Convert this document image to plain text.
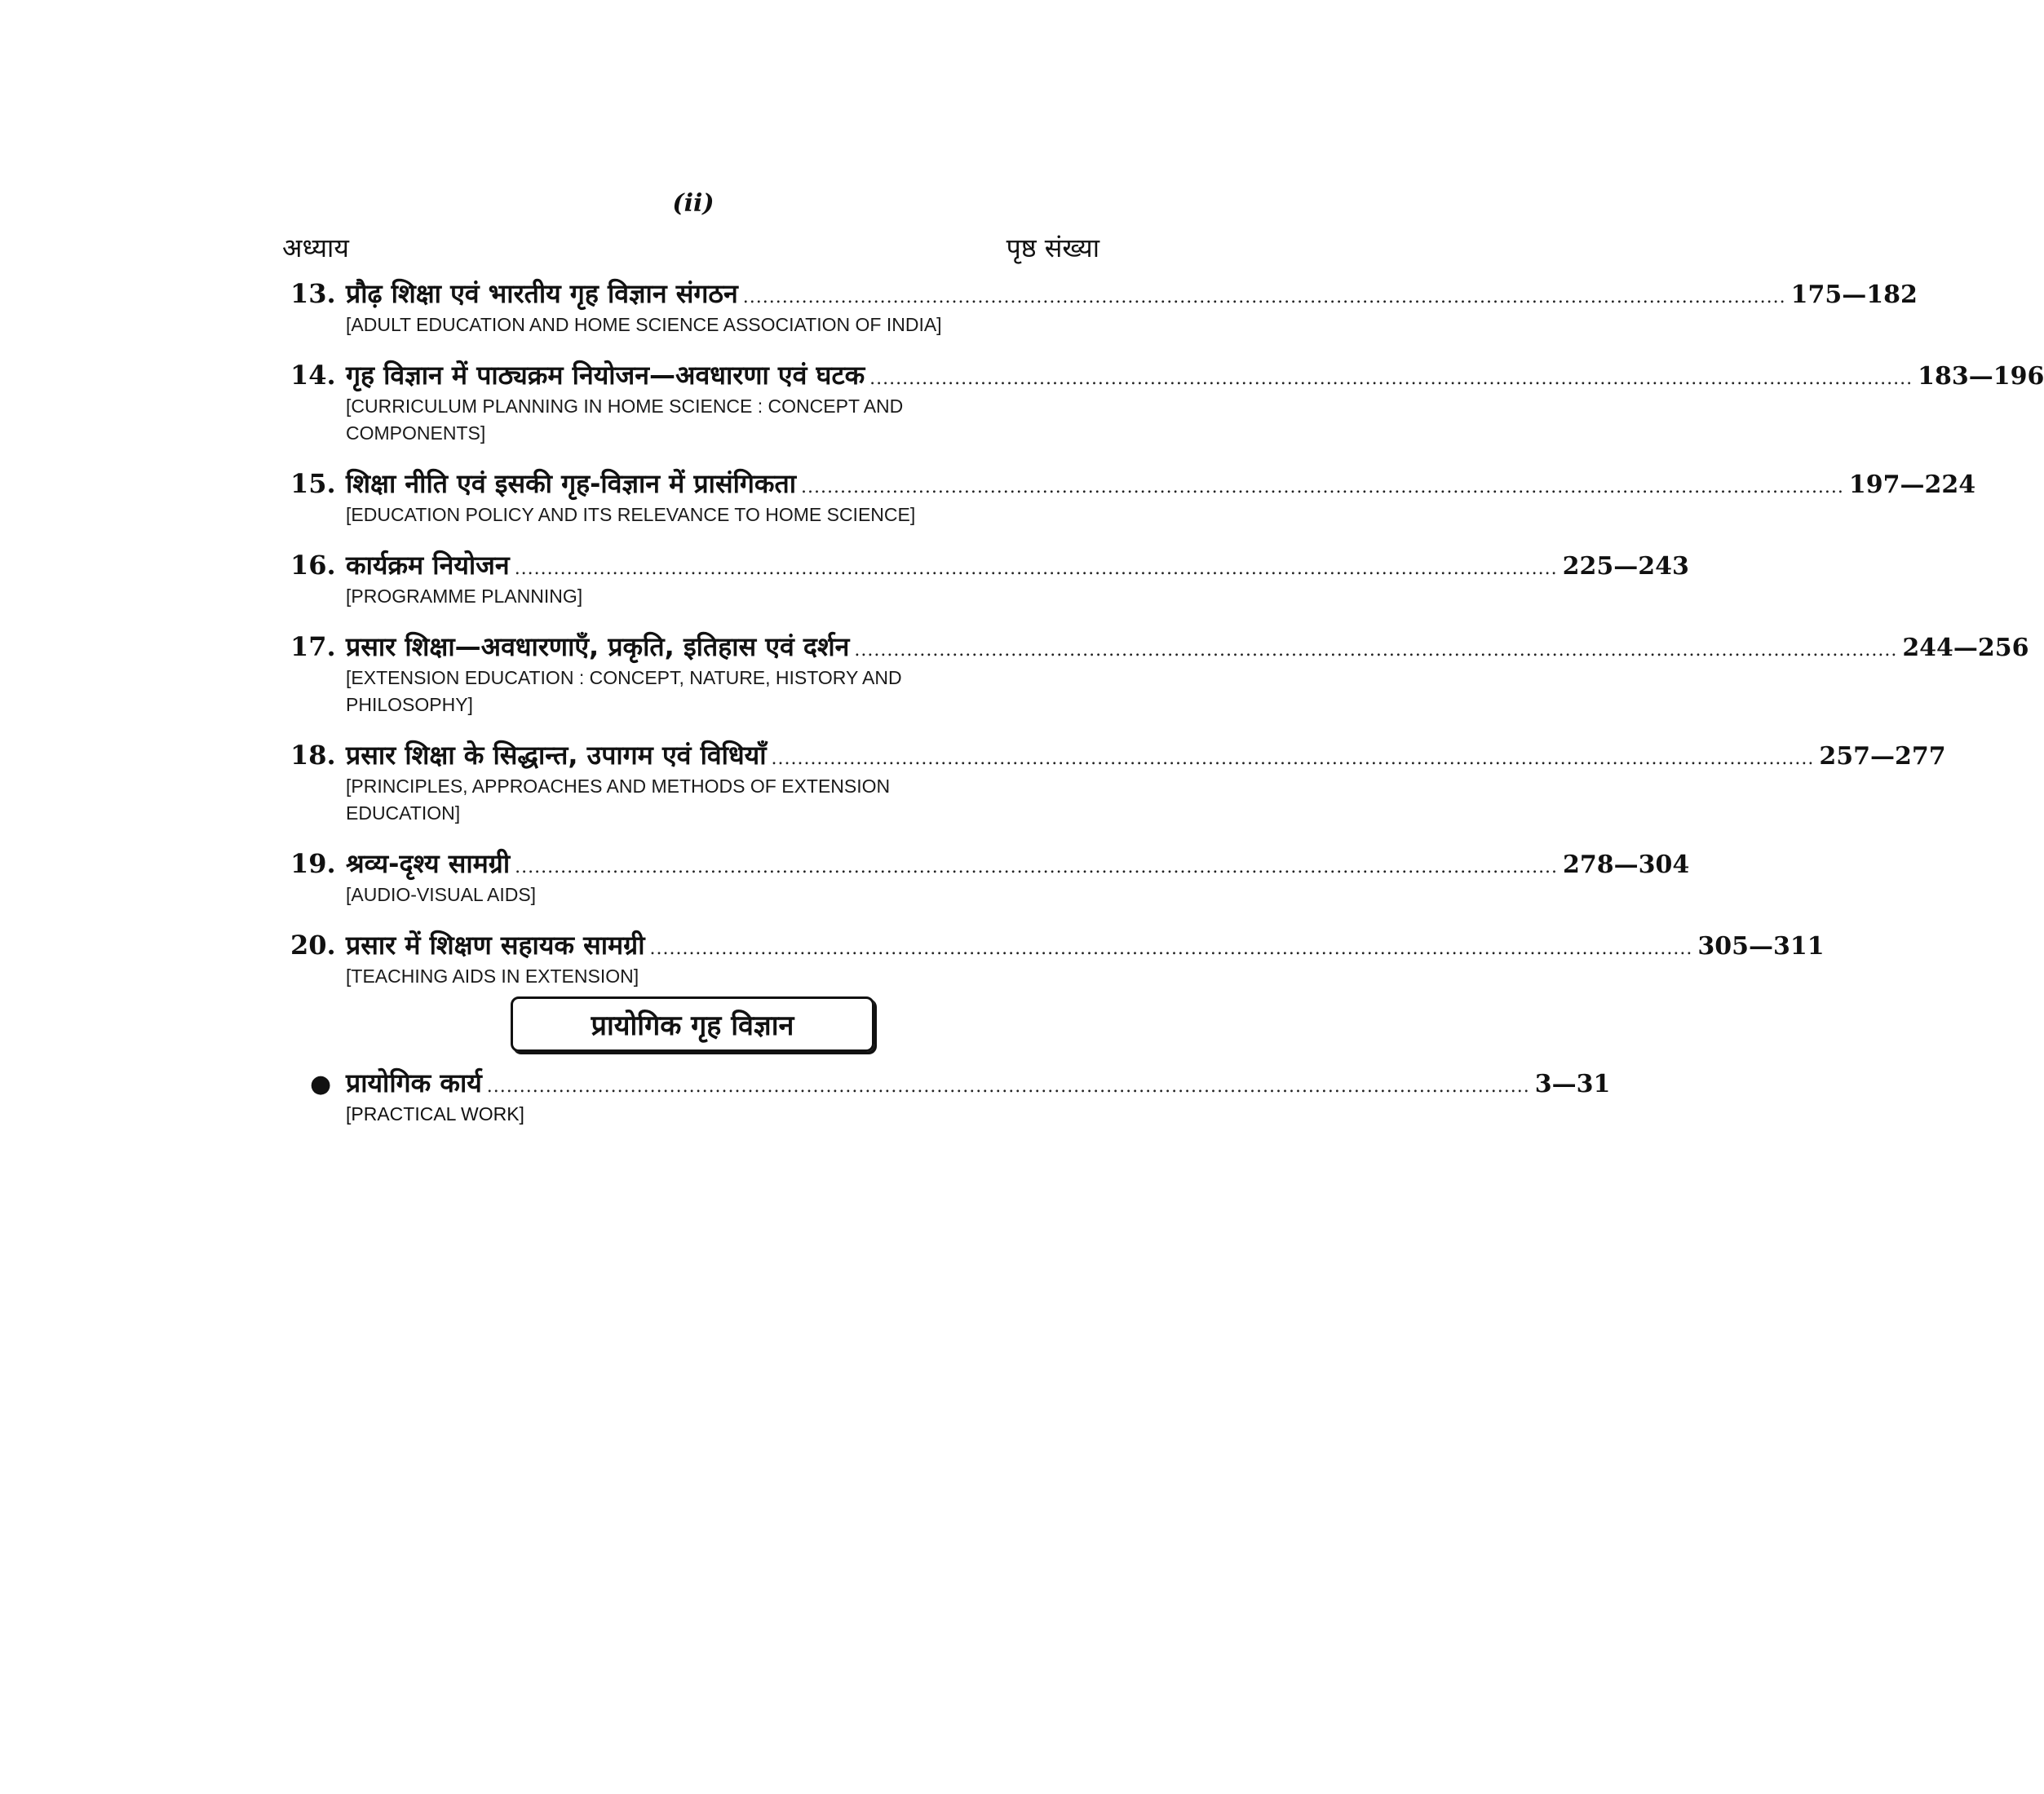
(ii)
अध्याय	पृष्ठ संख्या
13. प्रौढ़ शिक्षा एवं भारतीय गृह विज्ञान संगठन ................................................................................................................................................................ 175—182
[ADULT EDUCATION AND HOME SCIENCE ASSOCIATION OF INDIA]
14. गृह विज्ञान में पाठ्यक्रम नियोजन—अवधारणा एवं घटक ................................................................................................................................................................ 183—196
[CURRICULUM PLANNING IN HOME SCIENCE : CONCEPT AND COMPONENTS]
15. शिक्षा नीति एवं इसकी गृह-विज्ञान में प्रासंगिकता ................................................................................................................................................................ 197—224
[EDUCATION POLICY AND ITS RELEVANCE TO HOME SCIENCE]
16. कार्यक्रम नियोजन ................................................................................................................................................................ 225—243
[PROGRAMME PLANNING]
17. प्रसार शिक्षा—अवधारणाएँ, प्रकृति, इतिहास एवं दर्शन ................................................................................................................................................................ 244—256
[EXTENSION EDUCATION : CONCEPT, NATURE, HISTORY AND PHILOSOPHY]
18. प्रसार शिक्षा के सिद्धान्त, उपागम एवं विधियाँ ................................................................................................................................................................ 257—277
[PRINCIPLES, APPROACHES AND METHODS OF EXTENSION EDUCATION]
19. श्रव्य-दृश्य सामग्री ................................................................................................................................................................ 278—304
[AUDIO-VISUAL AIDS]
20. प्रसार में शिक्षण सहायक सामग्री ................................................................................................................................................................ 305—311
[TEACHING AIDS IN EXTENSION]
प्रायोगिक गृह विज्ञान
● प्रायोगिक कार्य ................................................................................................................................................................ 3—31
[PRACTICAL WORK]
